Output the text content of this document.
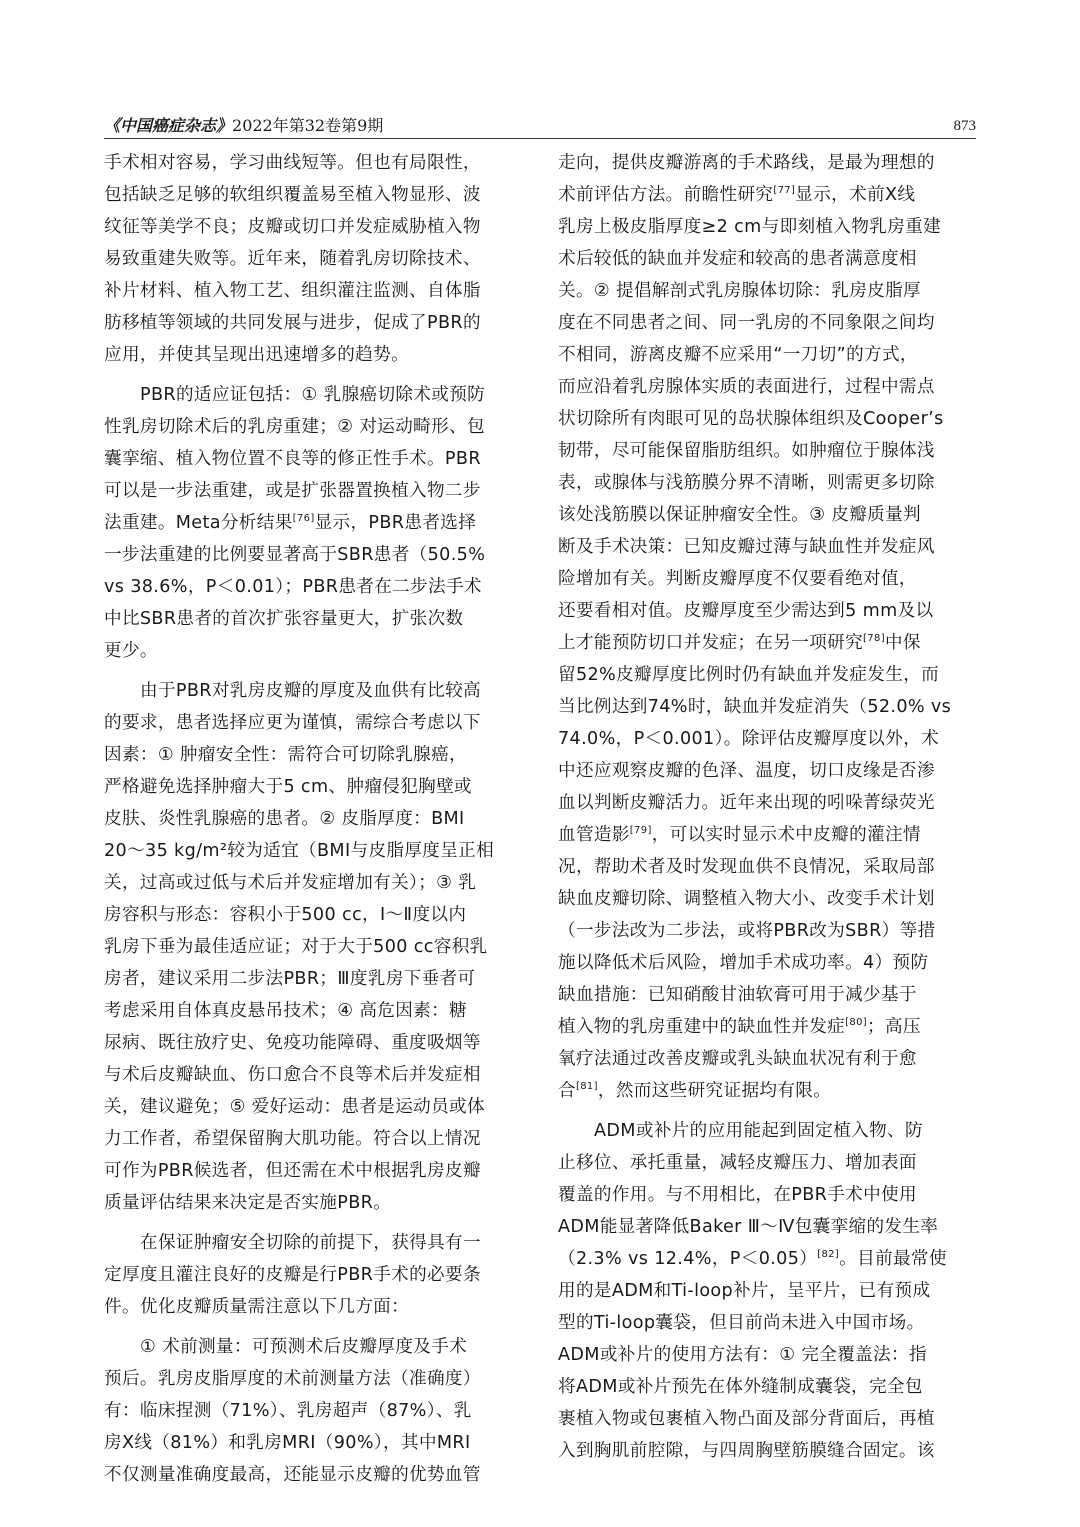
《中国癌症杂志》2022年第32卷第9期	873
手术相对容易，学习曲线短等。但也有局限性，
包括缺乏足够的软组织覆盖易至植入物显形、波
纹征等美学不良；皮瓣或切口并发症威胁植入物
易致重建失败等。近年来，随着乳房切除技术、
补片材料、植入物工艺、组织灌注监测、自体脂
肪移植等领域的共同发展与进步，促成了PBR的
应用，并使其呈现出迅速增多的趋势。
PBR的适应证包括：① 乳腺癌切除术或预防
性乳房切除术后的乳房重建；② 对运动畸形、包
囊挛缩、植入物位置不良等的修正性手术。PBR
可以是一步法重建，或是扩张器置换植入物二步
法重建。Meta分析结果[76]显示，PBR患者选择
一步法重建的比例要显著高于SBR患者（50.5%
vs 38.6%，P＜0.01）；PBR患者在二步法手术
中比SBR患者的首次扩张容量更大，扩张次数
更少。
由于PBR对乳房皮瓣的厚度及血供有比较高
的要求，患者选择应更为谨慎，需综合考虑以下
因素：① 肿瘤安全性：需符合可切除乳腺癌，
严格避免选择肿瘤大于5 cm、肿瘤侵犯胸壁或
皮肤、炎性乳腺癌的患者。② 皮脂厚度：BMI
20～35 kg/m²较为适宜（BMI与皮脂厚度呈正相
关，过高或过低与术后并发症增加有关）；③ 乳
房容积与形态：容积小于500 cc，Ⅰ～Ⅱ度以内
乳房下垂为最佳适应证；对于大于500 cc容积乳
房者，建议采用二步法PBR；Ⅲ度乳房下垂者可
考虑采用自体真皮悬吊技术；④ 高危因素：糖
尿病、既往放疗史、免疫功能障碍、重度吸烟等
与术后皮瓣缺血、伤口愈合不良等术后并发症相
关，建议避免；⑤ 爱好运动：患者是运动员或体
力工作者，希望保留胸大肌功能。符合以上情况
可作为PBR候选者，但还需在术中根据乳房皮瓣
质量评估结果来决定是否实施PBR。
在保证肿瘤安全切除的前提下，获得具有一
定厚度且灌注良好的皮瓣是行PBR手术的必要条
件。优化皮瓣质量需注意以下几方面：
① 术前测量：可预测术后皮瓣厚度及手术
预后。乳房皮脂厚度的术前测量方法（准确度）
有：临床捏测（71%）、乳房超声（87%）、乳
房X线（81%）和乳房MRI（90%），其中MRI
不仅测量准确度最高，还能显示皮瓣的优势血管
走向，提供皮瓣游离的手术路线，是最为理想的
术前评估方法。前瞻性研究[77]显示，术前X线
乳房上极皮脂厚度≥2 cm与即刻植入物乳房重建
术后较低的缺血并发症和较高的患者满意度相
关。② 提倡解剖式乳房腺体切除：乳房皮脂厚
度在不同患者之间、同一乳房的不同象限之间均
不相同，游离皮瓣不应采用“一刀切”的方式，
而应沿着乳房腺体实质的表面进行，过程中需点
状切除所有肉眼可见的岛状腺体组织及Cooper’s
韧带，尽可能保留脂肪组织。如肿瘤位于腺体浅
表，或腺体与浅筋膜分界不清晰，则需更多切除
该处浅筋膜以保证肿瘤安全性。③ 皮瓣质量判
断及手术决策：已知皮瓣过薄与缺血性并发症风
险增加有关。判断皮瓣厚度不仅要看绝对值，
还要看相对值。皮瓣厚度至少需达到5 mm及以
上才能预防切口并发症；在另一项研究[78]中保
留52%皮瓣厚度比例时仍有缺血并发症发生，而
当比例达到74%时，缺血并发症消失（52.0% vs
74.0%，P＜0.001）。除评估皮瓣厚度以外，术
中还应观察皮瓣的色泽、温度，切口皮缘是否渗
血以判断皮瓣活力。近年来出现的吲哚菁绿荧光
血管造影[79]，可以实时显示术中皮瓣的灌注情
况，帮助术者及时发现血供不良情况，采取局部
缺血皮瓣切除、调整植入物大小、改变手术计划
（一步法改为二步法，或将PBR改为SBR）等措
施以降低术后风险，增加手术成功率。4）预防
缺血措施：已知硝酸甘油软膏可用于减少基于
植入物的乳房重建中的缺血性并发症[80]；高压
氧疗法通过改善皮瓣或乳头缺血状况有利于愈
合[81]，然而这些研究证据均有限。
ADM或补片的应用能起到固定植入物、防
止移位、承托重量，减轻皮瓣压力、增加表面
覆盖的作用。与不用相比，在PBR手术中使用
ADM能显著降低Baker Ⅲ～Ⅳ包囊挛缩的发生率
（2.3% vs 12.4%，P＜0.05）[82]。目前最常使
用的是ADM和Ti-loop补片，呈平片，已有预成
型的Ti-loop囊袋，但目前尚未进入中国市场。
ADM或补片的使用方法有：① 完全覆盖法：指
将ADM或补片预先在体外缝制成囊袋，完全包
裹植入物或包裹植入物凸面及部分背面后，再植
入到胸肌前腔隙，与四周胸壁筋膜缝合固定。该
